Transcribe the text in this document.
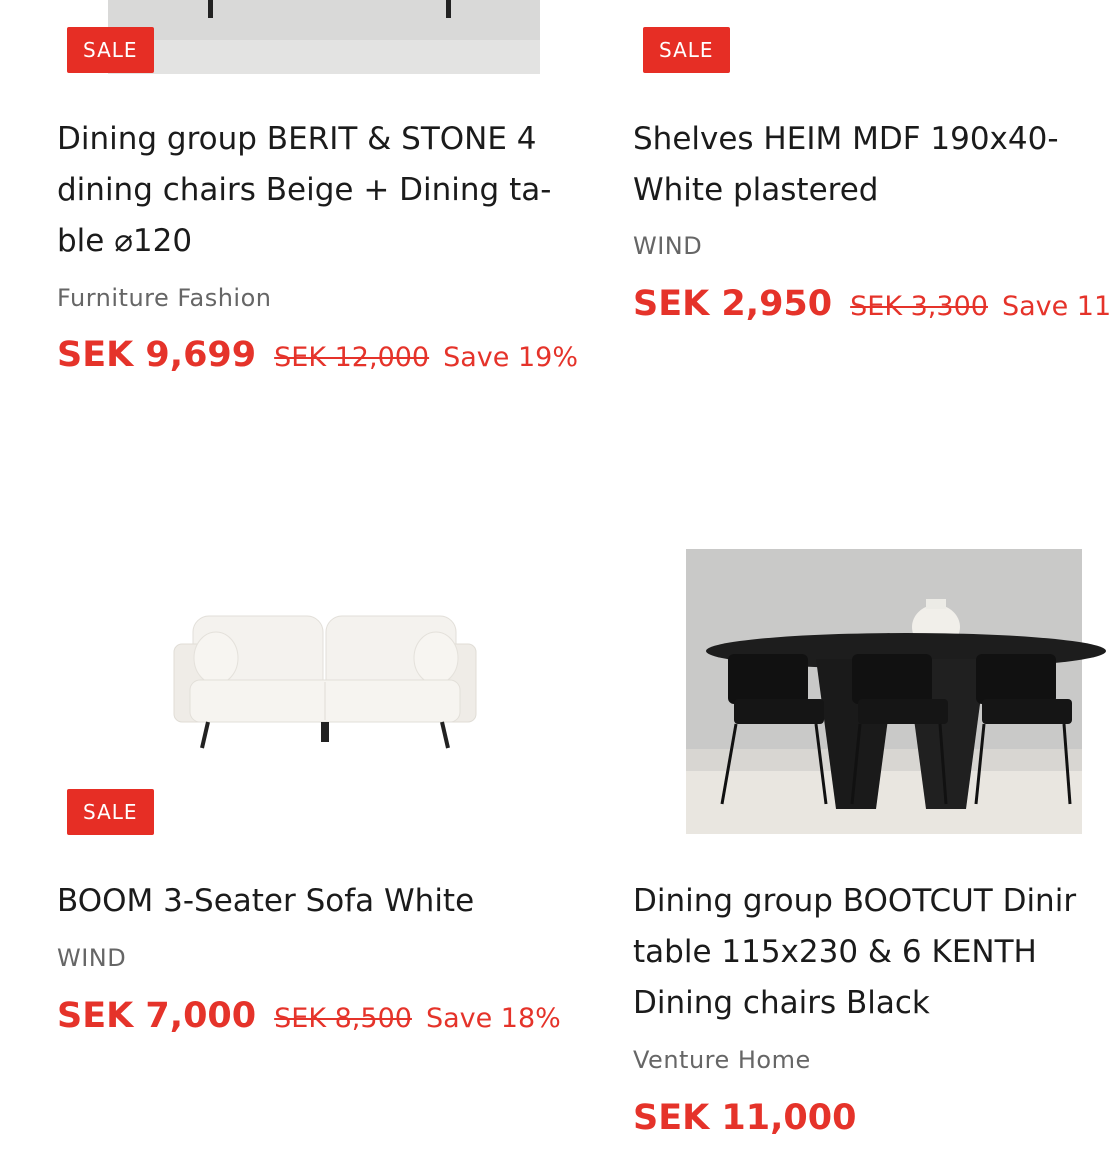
SALE
Dining group BERIT & STONE 4
dining chairs Beige + Dining ta-
ble ⌀120
Furniture Fashion
SEK 9,699 SEK 12,000 Save 19%
SALE
Shelves HEIM MDF 190x40-
White plastered
WIND
SEK 2,950 SEK 3,300 Save 11
SALE
BOOM 3-Seater Sofa White
WIND
SEK 7,000 SEK 8,500 Save 18%
Dining group BOOTCUT Dinir
table 115x230 & 6 KENTH
Dining chairs Black
Venture Home
SEK 11,000
